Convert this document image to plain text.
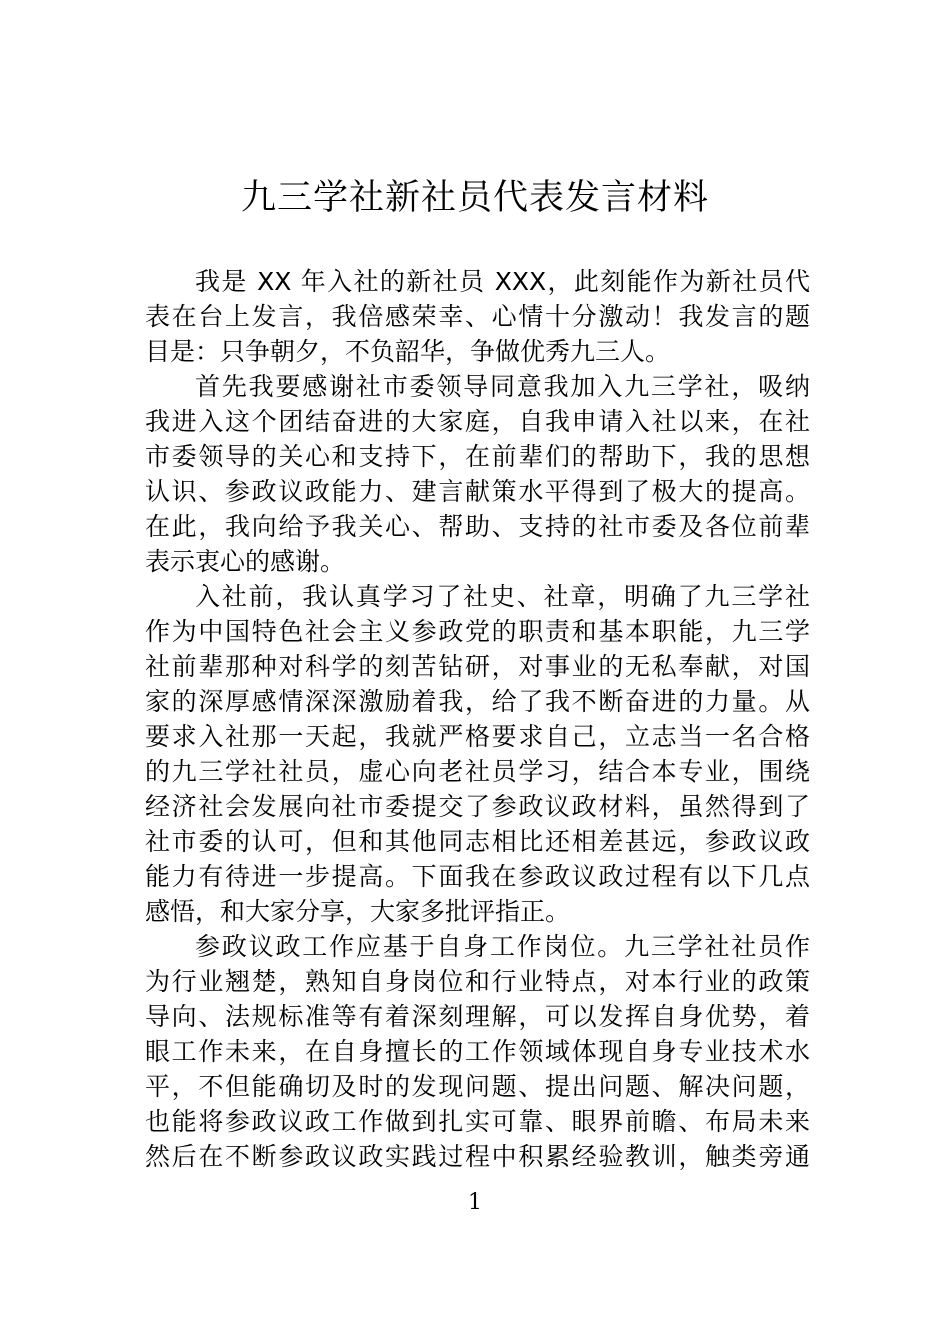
九三学社新社员代表发言材料
我是 XX 年入社的新社员 XXX，此刻能作为新社员代
表在台上发言，我倍感荣幸、心情十分激动！我发言的题
目是：只争朝夕，不负韶华，争做优秀九三人。
首先我要感谢社市委领导同意我加入九三学社，吸纳
我进入这个团结奋进的大家庭，自我申请入社以来，在社
市委领导的关心和支持下，在前辈们的帮助下，我的思想
认识、参政议政能力、建言献策水平得到了极大的提高。
在此，我向给予我关心、帮助、支持的社市委及各位前辈
表示衷心的感谢。
入社前，我认真学习了社史、社章，明确了九三学社
作为中国特色社会主义参政党的职责和基本职能，九三学
社前辈那种对科学的刻苦钻研，对事业的无私奉献，对国
家的深厚感情深深激励着我，给了我不断奋进的力量。从
要求入社那一天起，我就严格要求自己，立志当一名合格
的九三学社社员，虚心向老社员学习，结合本专业，围绕
经济社会发展向社市委提交了参政议政材料，虽然得到了
社市委的认可，但和其他同志相比还相差甚远，参政议政
能力有待进一步提高。下面我在参政议政过程有以下几点
感悟，和大家分享，大家多批评指正。
参政议政工作应基于自身工作岗位。九三学社社员作
为行业翘楚，熟知自身岗位和行业特点，对本行业的政策
导向、法规标准等有着深刻理解，可以发挥自身优势，着
眼工作未来，在自身擅长的工作领域体现自身专业技术水
平，不但能确切及时的发现问题、提出问题、解决问题，
也能将参政议政工作做到扎实可靠、眼界前瞻、布局未来
然后在不断参政议政实践过程中积累经验教训，触类旁通
1
